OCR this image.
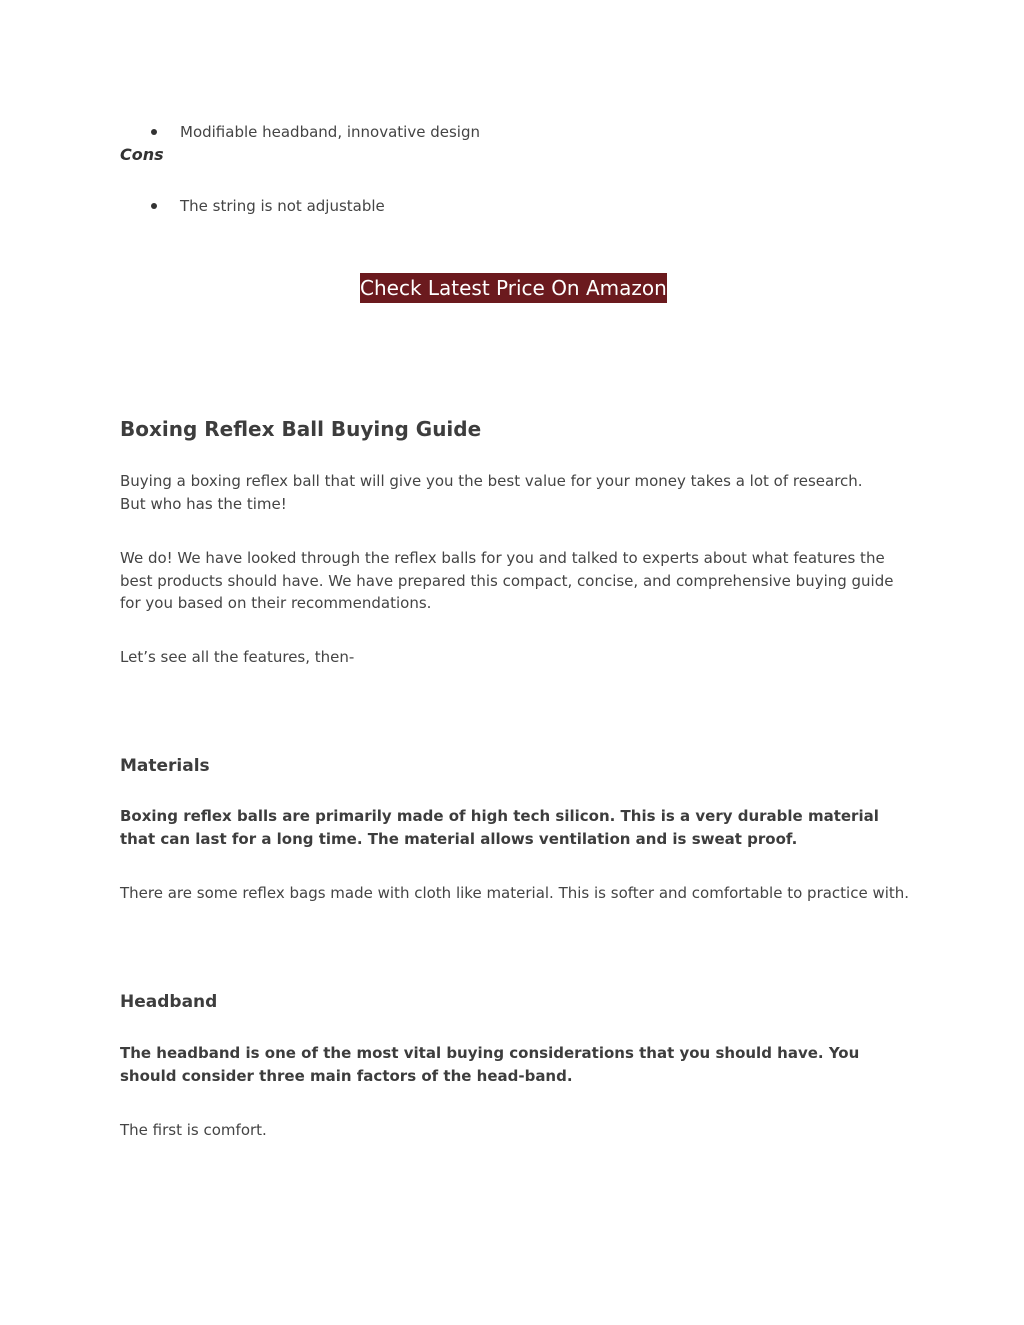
Modifiable headband, innovative design

Cons

The string is not adjustable

Check Latest Price On Amazon
Boxing Reflex Ball Buying Guide

Buying a boxing reflex ball that will give you the best value for your money takes a lot of research. But who has the time!

We do! We have looked through the reflex balls for you and talked to experts about what features the best products should have. We have prepared this compact, concise, and comprehensive buying guide for you based on their recommendations.

Let’s see all the features, then-

Materials

Boxing reflex balls are primarily made of high tech silicon. This is a very durable material that can last for a long time. The material allows ventilation and is sweat proof.

There are some reflex bags made with cloth like material. This is softer and comfortable to practice with.

Headband

The headband is one of the most vital buying considerations that you should have. You should consider three main factors of the head-band.

The first is comfort.
